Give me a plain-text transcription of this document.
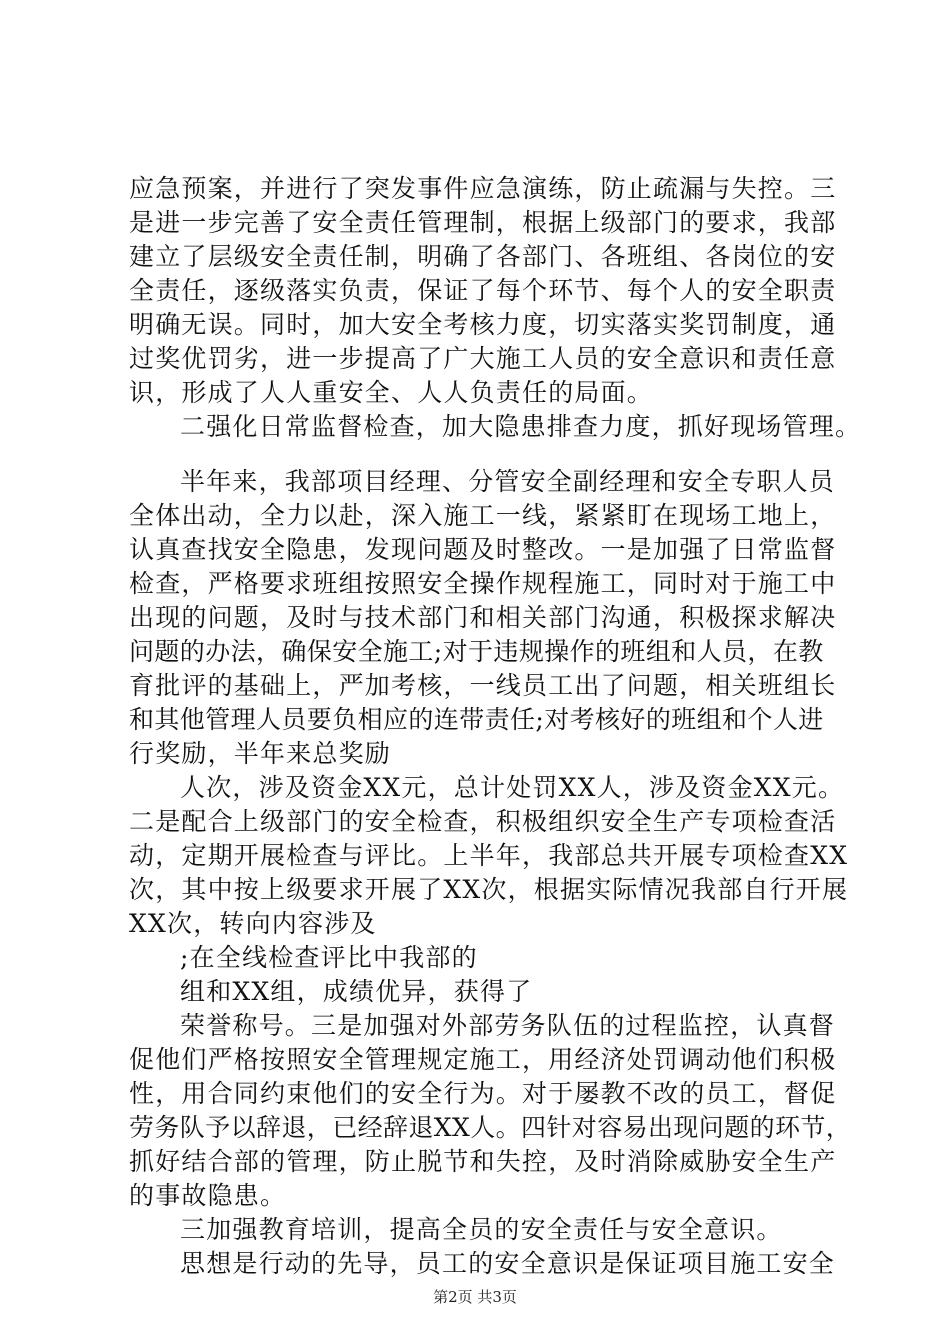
应急预案，并进行了突发事件应急演练，防止疏漏与失控。三
是进一步完善了安全责任管理制，根据上级部门的要求，我部
建立了层级安全责任制，明确了各部门、各班组、各岗位的安
全责任，逐级落实负责，保证了每个环节、每个人的安全职责
明确无误。同时，加大安全考核力度，切实落实奖罚制度，通
过奖优罚劣，进一步提高了广大施工人员的安全意识和责任意
识，形成了人人重安全、人人负责任的局面。
二强化日常监督检查，加大隐患排查力度，抓好现场管理。
半年来，我部项目经理、分管安全副经理和安全专职人员
全体出动，全力以赴，深入施工一线，紧紧盯在现场工地上，
认真查找安全隐患，发现问题及时整改。一是加强了日常监督
检查，严格要求班组按照安全操作规程施工，同时对于施工中
出现的问题，及时与技术部门和相关部门沟通，积极探求解决
问题的办法，确保安全施工;对于违规操作的班组和人员，在教
育批评的基础上，严加考核，一线员工出了问题，相关班组长
和其他管理人员要负相应的连带责任;对考核好的班组和个人进
行奖励，半年来总奖励
人次，涉及资金XX元，总计处罚XX人，涉及资金XX元。
二是配合上级部门的安全检查，积极组织安全生产专项检查活
动，定期开展检查与评比。上半年，我部总共开展专项检查XX
次，其中按上级要求开展了XX次，根据实际情况我部自行开展
XX次，转向内容涉及
;在全线检查评比中我部的
组和XX组，成绩优异，获得了
荣誉称号。三是加强对外部劳务队伍的过程监控，认真督
促他们严格按照安全管理规定施工，用经济处罚调动他们积极
性，用合同约束他们的安全行为。对于屡教不改的员工，督促
劳务队予以辞退，已经辞退XX人。四针对容易出现问题的环节，
抓好结合部的管理，防止脱节和失控，及时消除威胁安全生产
的事故隐患。
三加强教育培训，提高全员的安全责任与安全意识。
思想是行动的先导，员工的安全意识是保证项目施工安全
第2页 共3页
